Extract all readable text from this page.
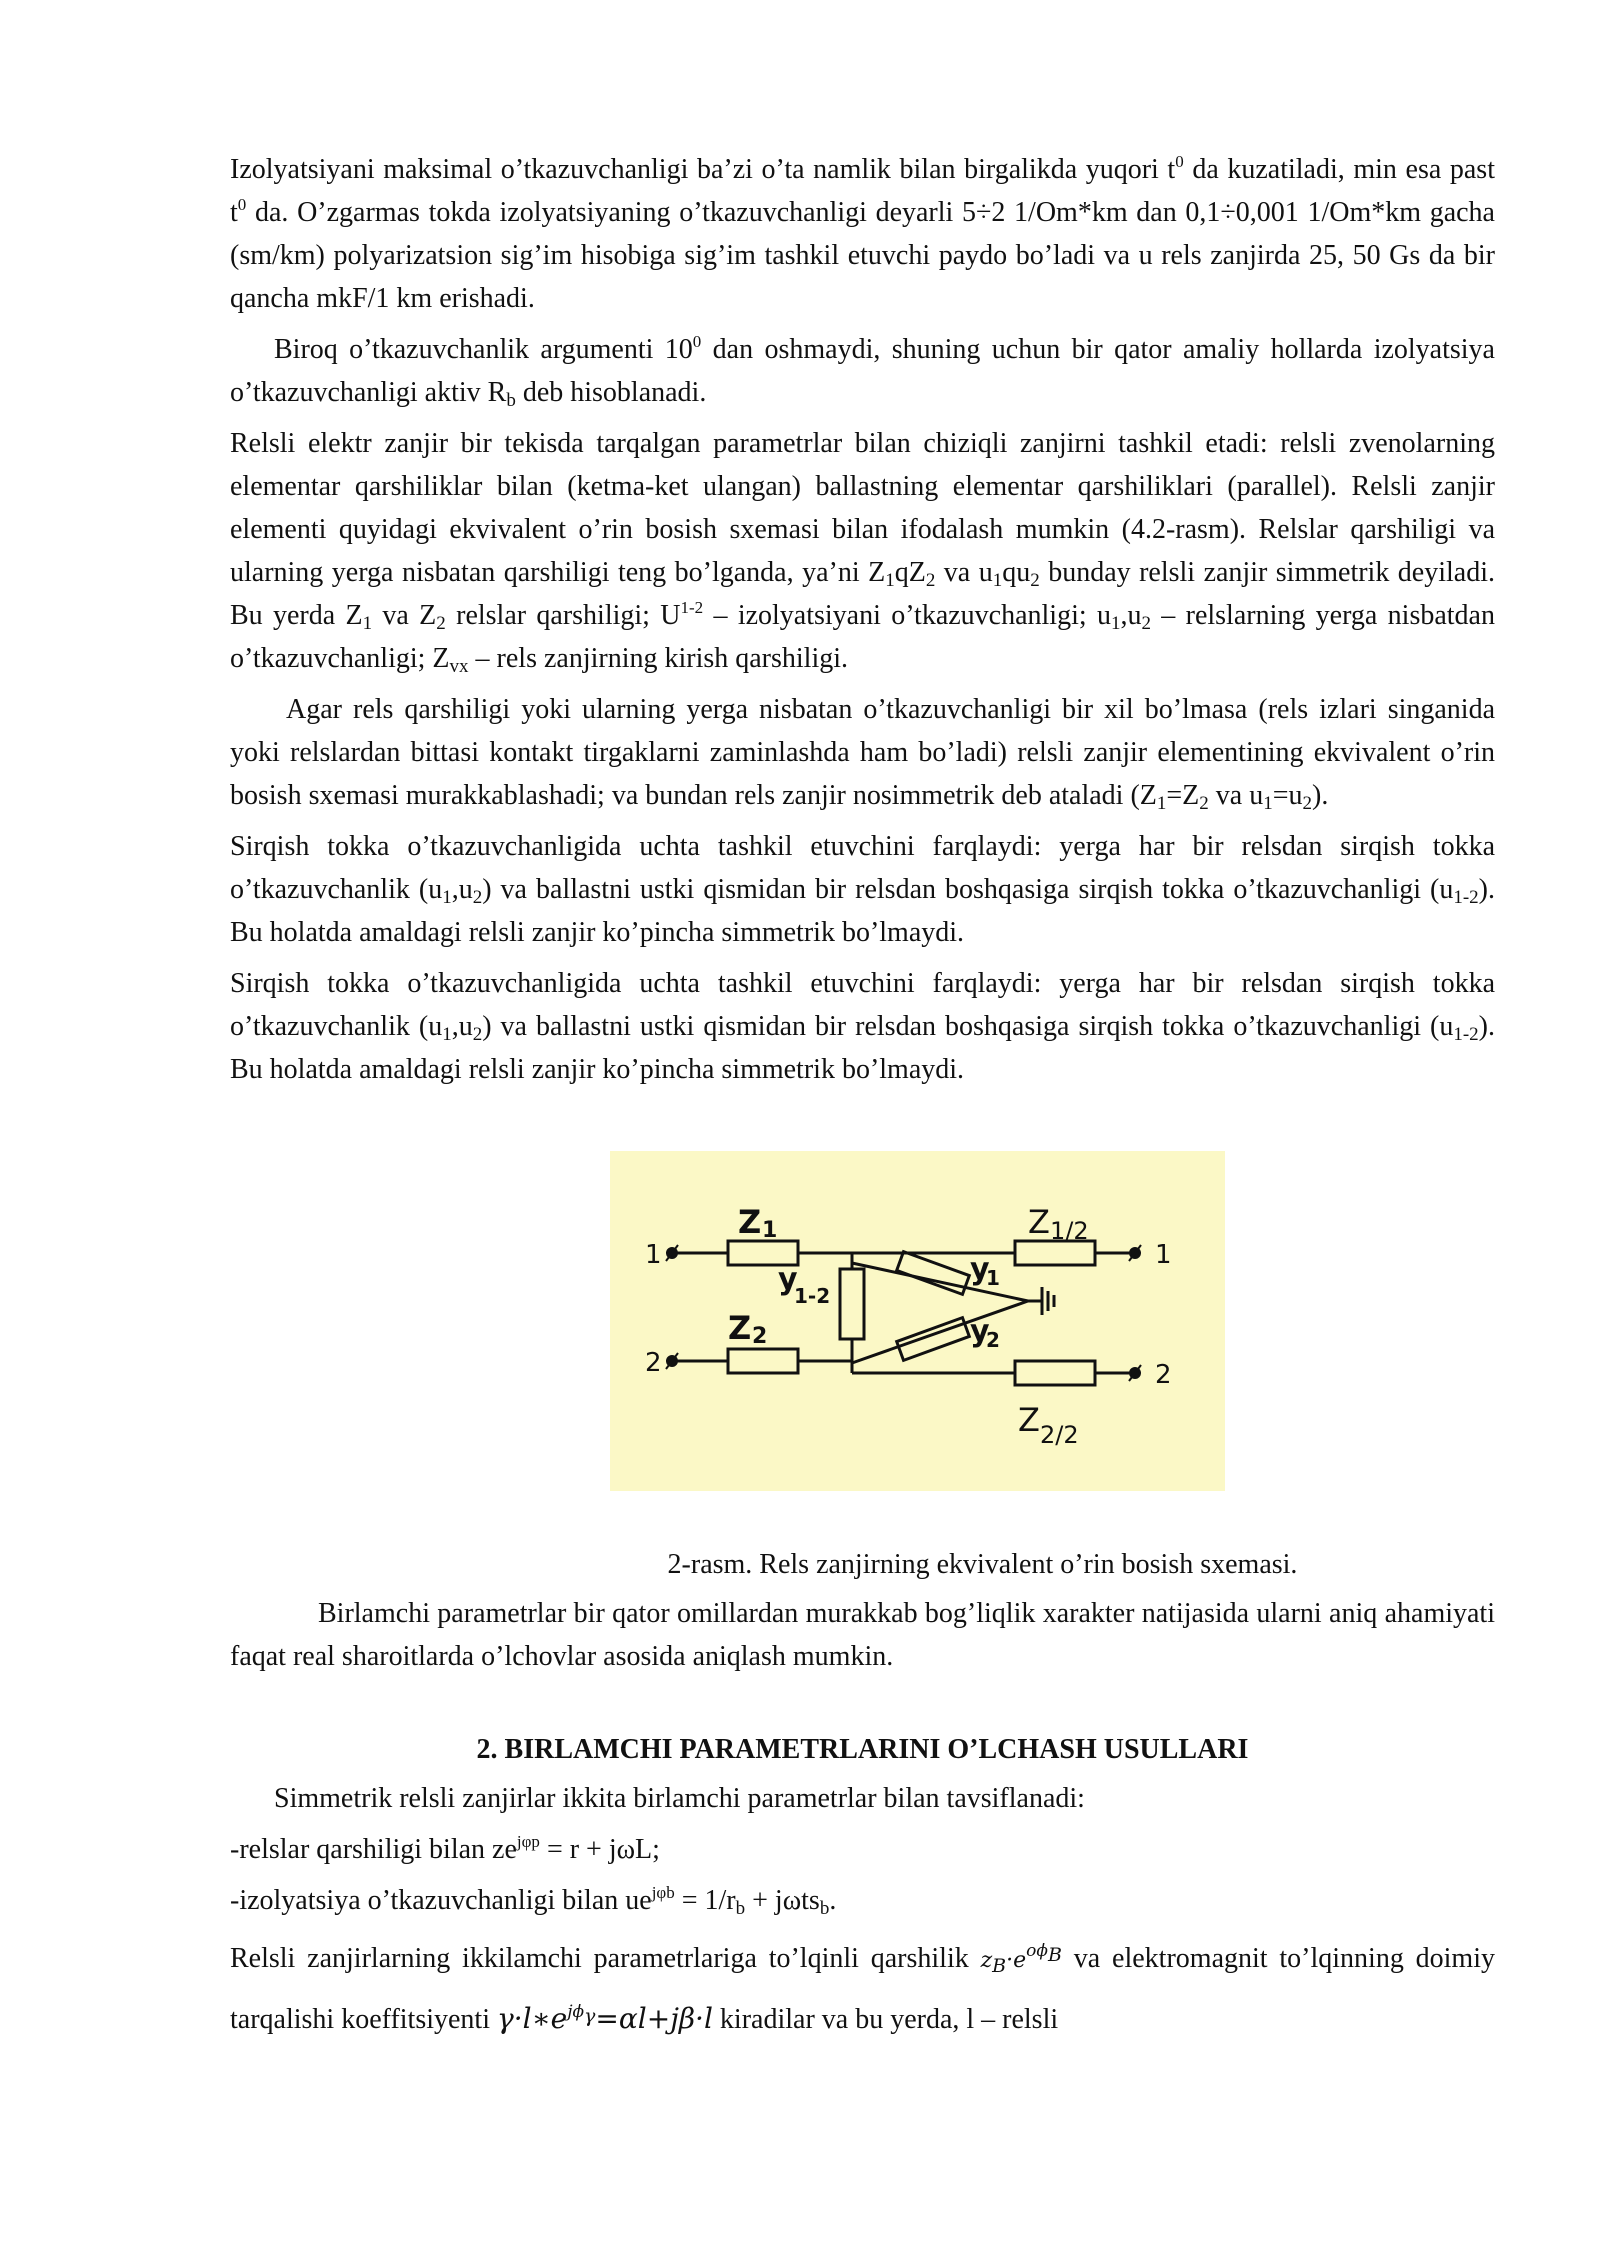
Izolyatsiyani maksimal o’tkazuvchanligi ba’zi o’ta namlik bilan birgalikda yuqori $t^0$ da kuzatiladi, min esa past $t^0$ da. O’zgarmas tokda izolyatsiyaning o’tkazuvchanligi deyarli 5÷2 1/Om*km dan 0,1÷0,001 1/Om*km gacha (sm/km) polyarizatsion sig’im hisobiga sig’im tashkil etuvchi paydo bo’ladi va u rels zanjirda 25, 50 Gs da bir qancha mkF/1 km erishadi.

Biroq o’tkazuvchanlik argumenti $10^0$ dan oshmaydi, shuning uchun bir qator amaliy hollarda izolyatsiya o’tkazuvchanligi aktiv $R_b$ deb hisoblanadi.

Relsli elektr zanjir bir tekisda tarqalgan parametrlar bilan chiziqli zanjirni tashkil etadi: relsli zvenolarning elementar qarshiliklar bilan (ketma-ket ulangan) ballastning elementar qarshiliklari (parallel). Relsli zanjir elementi quyidagi ekvivalent o’rin bosish sxemasi bilan ifodalash mumkin (4.2-rasm). Relslar qarshiligi va ularning yerga nisbatan qarshiligi teng bo’lganda, ya’ni $Z_1qZ_2$ va $u_1qu_2$ bunday relsli zanjir simmetrik deyiladi. Bu yerda $Z_1$ va $Z_2$ relslar qarshiligi; $U^{1-2}$ – izolyatsiyani o’tkazuvchanligi; $u_1,u_2$ – relslarning yerga nisbatdan o’tkazuvchanligi; $Z_{vx}$ – rels zanjirning kirish qarshiligi.

Agar rels qarshiligi yoki ularning yerga nisbatan o’tkazuvchanligi bir xil bo’lmasa (rels izlari singanida yoki relslardan bittasi kontakt tirgaklarni zaminlashda ham bo’ladi) relsli zanjir elementining ekvivalent o’rin bosish sxemasi murakkablashadi; va bundan rels zanjir nosimmetrik deb ataladi ($Z_1=Z_2$ va $u_1=u_2$).

Sirqish tokka o’tkazuvchanligida uchta tashkil etuvchini farqlaydi: yerga har bir relsdan sirqish tokka o’tkazuvchanlik $(u_1,u_2)$ va ballastni ustki qismidan bir relsdan boshqasiga sirqish tokka o’tkazuvchanligi $(u_{1-2})$. Bu holatda amaldagi relsli zanjir ko’pincha simmetrik bo’lmaydi.

Sirqish tokka o’tkazuvchanligida uchta tashkil etuvchini farqlaydi: yerga har bir relsdan sirqish tokka o’tkazuvchanlik $(u_1,u_2)$ va ballastni ustki qismidan bir relsdan boshqasiga sirqish tokka o’tkazuvchanligi $(u_{1-2})$. Bu holatda amaldagi relsli zanjir ko’pincha simmetrik bo’lmaydi.

1
2
1
2
Z 1	Z 1/2
Z 2
Z 2/2
y
1-2
y
1
y
2

2-rasm. Rels zanjirning ekvivalent o’rin bosish sxemasi.

Birlamchi parametrlar bir qator omillardan murakkab bog’liqlik xarakter natijasida ularni aniq ahamiyati faqat real sharoitlarda o’lchovlar asosida aniqlash mumkin.

2. BIRLAMCHI PARAMETRLARINI O’LCHASH USULLARI

Simmetrik relsli zanjirlar ikkita birlamchi parametrlar bilan tavsiflanadi:

-relslar qarshiligi bilan $ze^{j\varphi p} = r + j\omega L$;

-izolyatsiya o’tkazuvchanligi bilan $ue^{j\varphi b} = 1/r_b + j\omega ts_b$.

Relsli zanjirlarning ikkilamchi parametrlariga to’lqinli qarshilik $z_B\cdot e^{o\phi_B}$ va elektromagnit to’lqinning doimiy tarqalishi koeffitsiyenti $\gamma\cdot l∗e^{j\phi_\gamma}=\alpha l+j\beta\cdot l$ kiradilar va bu yerda, l – relsli
